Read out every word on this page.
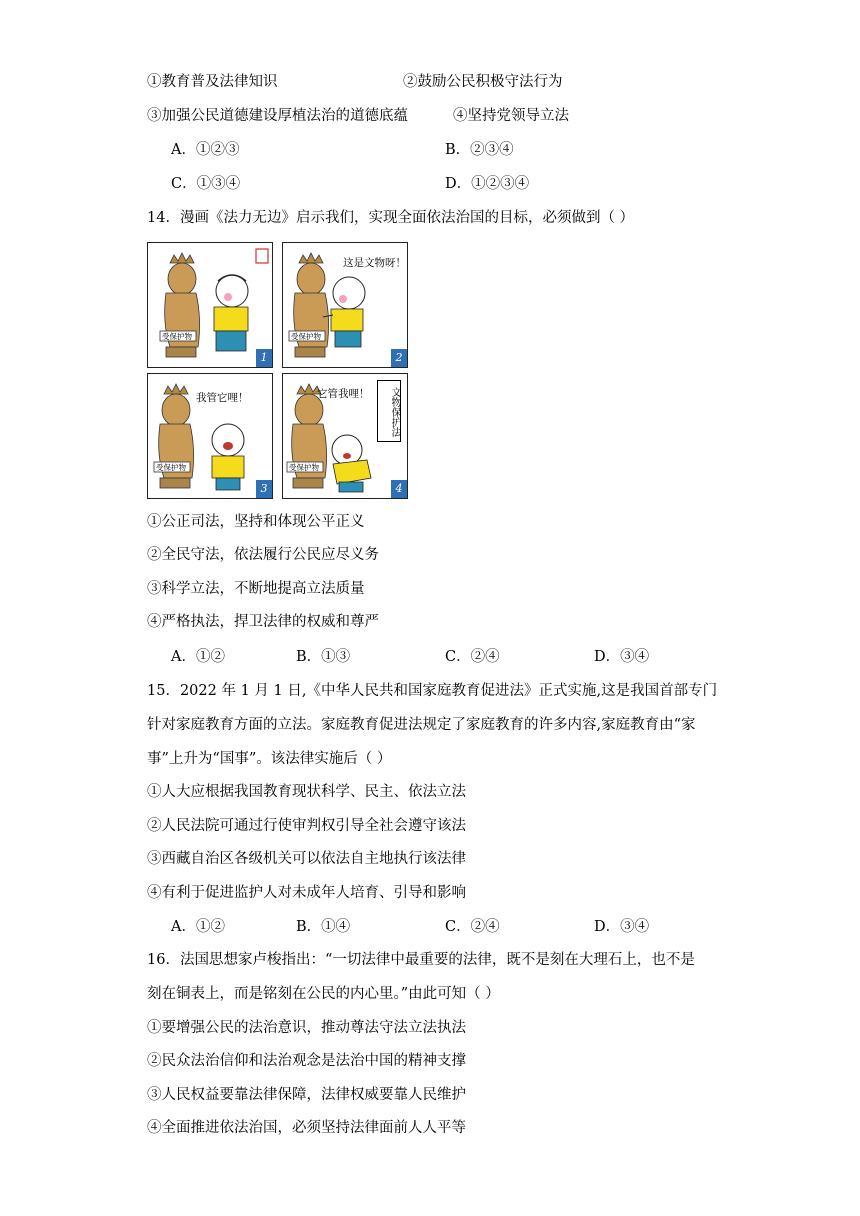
①教育普及法律知识	②鼓励公民积极守法行为
③加强公民道德建设厚植法治的道德底蕴	④坚持党领导立法
A．①②③	B．②③④
C．①③④	D．①②③④
14．漫画《法力无边》启示我们，实现全面依法治国的目标，必须做到（ ）
受保护物
1
这是文物呀！
受保护物
2
我管它哩！
受保护物
3
它管我哩！	文物保护法
受保护物
4
①公正司法，坚持和体现公平正义
②全民守法，依法履行公民应尽义务
③科学立法，不断地提高立法质量
④严格执法，捍卫法律的权威和尊严
A．①②	B．①③	C．②④	D．③④
15．2022 年 1 月 1 日,《中华人民共和国家庭教育促进法》正式实施,这是我国首部专门
针对家庭教育方面的立法。家庭教育促进法规定了家庭教育的许多内容,家庭教育由“家
事”上升为“国事”。该法律实施后（ ）
①人大应根据我国教育现状科学、民主、依法立法
②人民法院可通过行使审判权引导全社会遵守该法
③西藏自治区各级机关可以依法自主地执行该法律
④有利于促进监护人对未成年人培育、引导和影响
A．①②	B．①④	C．②④	D．③④
16．法国思想家卢梭指出：“一切法律中最重要的法律，既不是刻在大理石上，也不是
刻在铜表上，而是铭刻在公民的内心里。”由此可知（ ）
①要增强公民的法治意识，推动尊法守法立法执法
②民众法治信仰和法治观念是法治中国的精神支撑
③人民权益要靠法律保障，法律权威要靠人民维护
④全面推进依法治国，必须坚持法律面前人人平等
